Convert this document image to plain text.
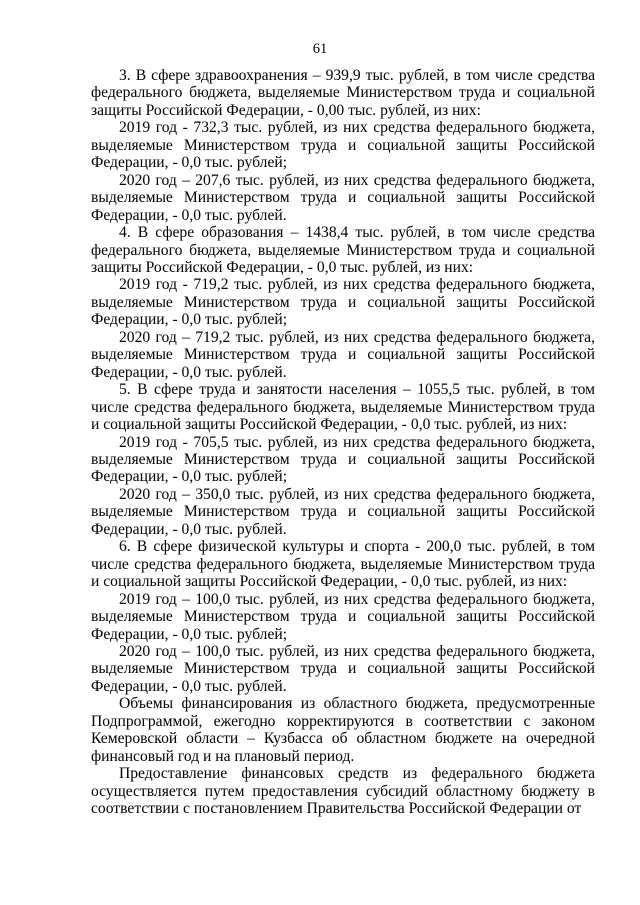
61

3. В сфере здравоохранения – 939,9 тыс. рублей, в том числе средства федерального бюджета, выделяемые Министерством труда и социальной защиты Российской Федерации, - 0,00 тыс. рублей, из них:

2019 год - 732,3 тыс. рублей, из них средства федерального бюджета, выделяемые Министерством труда и социальной защиты Российской Федерации, - 0,0 тыс. рублей;

2020 год – 207,6 тыс. рублей, из них средства федерального бюджета, выделяемые Министерством труда и социальной защиты Российской Федерации, - 0,0 тыс. рублей.

4. В сфере образования – 1438,4 тыс. рублей, в том числе средства федерального бюджета, выделяемые Министерством труда и социальной защиты Российской Федерации, - 0,0 тыс. рублей, из них:

2019 год - 719,2 тыс. рублей, из них средства федерального бюджета, выделяемые Министерством труда и социальной защиты Российской Федерации, - 0,0 тыс. рублей;

2020 год – 719,2 тыс. рублей, из них средства федерального бюджета, выделяемые Министерством труда и социальной защиты Российской Федерации, - 0,0 тыс. рублей.

5. В сфере труда и занятости населения – 1055,5 тыс. рублей, в том числе средства федерального бюджета, выделяемые Министерством труда и социальной защиты Российской Федерации, - 0,0 тыс. рублей, из них:

2019 год - 705,5 тыс. рублей, из них средства федерального бюджета, выделяемые Министерством труда и социальной защиты Российской Федерации, - 0,0 тыс. рублей;

2020 год – 350,0 тыс. рублей, из них средства федерального бюджета, выделяемые Министерством труда и социальной защиты Российской Федерации, - 0,0 тыс. рублей.

6. В сфере физической культуры и спорта - 200,0 тыс. рублей, в том числе средства федерального бюджета, выделяемые Министерством труда и социальной защиты Российской Федерации, - 0,0 тыс. рублей, из них:

2019 год – 100,0 тыс. рублей, из них средства федерального бюджета, выделяемые Министерством труда и социальной защиты Российской Федерации, - 0,0 тыс. рублей;

2020 год – 100,0 тыс. рублей, из них средства федерального бюджета, выделяемые Министерством труда и социальной защиты Российской Федерации, - 0,0 тыс. рублей.

Объемы финансирования из областного бюджета, предусмотренные Подпрограммой, ежегодно корректируются в соответствии с законом Кемеровской области – Кузбасса об областном бюджете на очередной финансовый год и на плановый период.

Предоставление финансовых средств из федерального бюджета осуществляется путем предоставления субсидий областному бюджету в соответствии с постановлением Правительства Российской Федерации от
